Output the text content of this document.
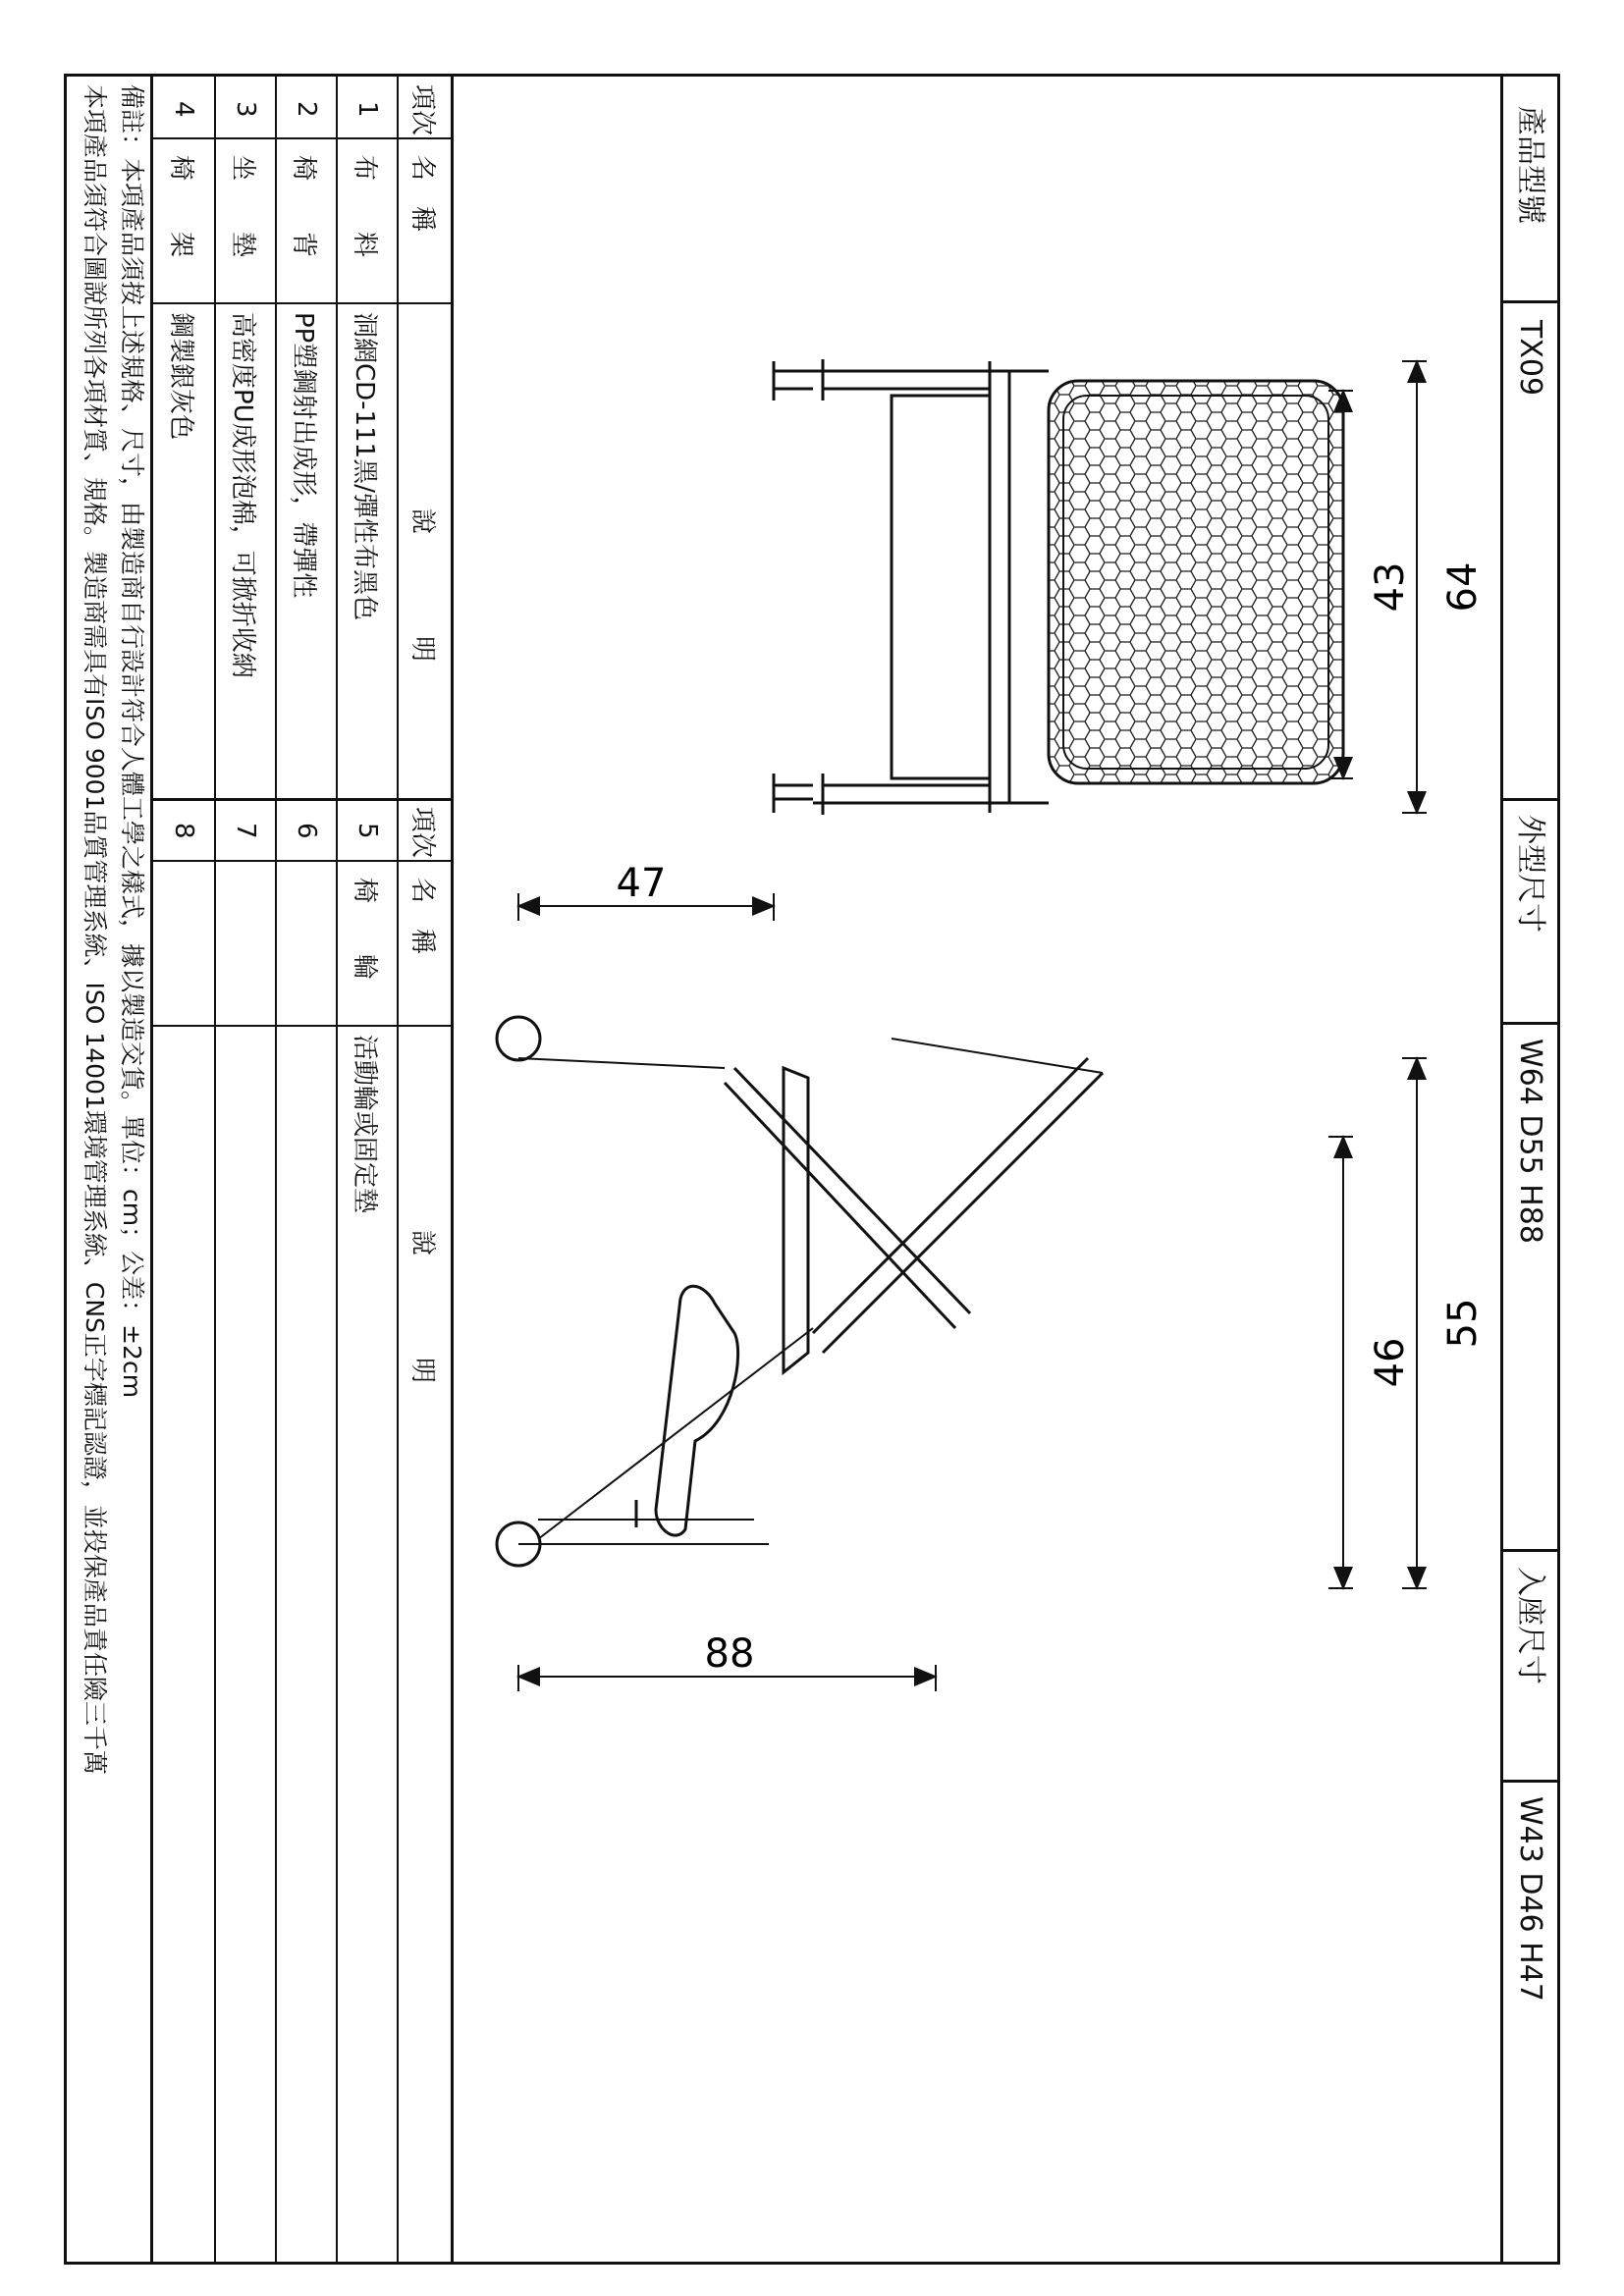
產品型號
TX09
外型尺寸
W64 D55 H88
入座尺寸
W43 D46 H47
64
43
47
55
46
88
項次
名　稱
說　　　　明
項次
名　稱
說　　　　明
1
布　　料
洞網CD-111黑/彈性布黑色
5
椅　　輪
活動輪或固定墊
2
椅　　背
PP塑鋼射出成形，帶彈性
6
3
坐　　墊
高密度PU成形泡棉，可掀折收納
7
4
椅　　架
鋼製銀灰色
8
備註：本項產品須按上述規格、尺寸，由製造商自行設計符合人體工學之樣式，據以製造交貨。單位：cm；公差：±2cm
本項產品須符合圖說所列各項材質、規格。製造商需具有ISO 9001品質管理系統、ISO 14001環境管理系統、CNS正字標記認證，並投保產品責任險三千萬
